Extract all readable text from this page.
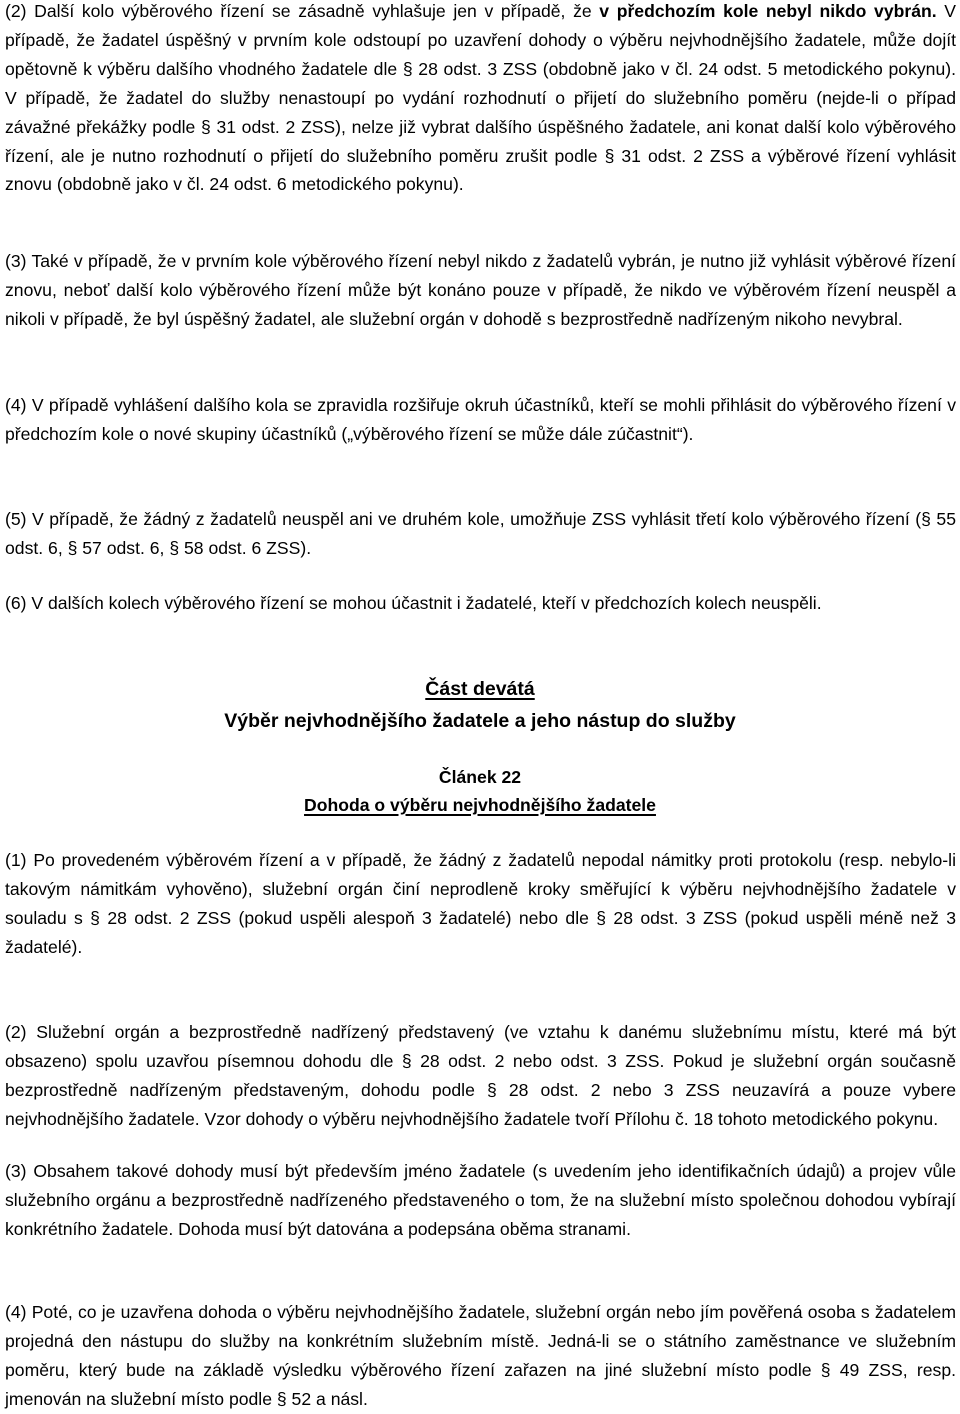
(2) Další kolo výběrového řízení se zásadně vyhlašuje jen v případě, že v předchozím kole nebyl nikdo vybrán. V případě, že žadatel úspěšný v prvním kole odstoupí po uzavření dohody o výběru nejvhodnějšího žadatele, může dojít opětovně k výběru dalšího vhodného žadatele dle § 28 odst. 3 ZSS (obdobně jako v čl. 24 odst. 5 metodického pokynu). V případě, že žadatel do služby nenastoupí po vydání rozhodnutí o přijetí do služebního poměru (nejde-li o případ závažné překážky podle § 31 odst. 2 ZSS), nelze již vybrat dalšího úspěšného žadatele, ani konat další kolo výběrového řízení, ale je nutno rozhodnutí o přijetí do služebního poměru zrušit podle § 31 odst. 2 ZSS a výběrové řízení vyhlásit znovu (obdobně jako v čl. 24 odst. 6 metodického pokynu).

(3) Také v případě, že v prvním kole výběrového řízení nebyl nikdo z žadatelů vybrán, je nutno již vyhlásit výběrové řízení znovu, neboť další kolo výběrového řízení může být konáno pouze v případě, že nikdo ve výběrovém řízení neuspěl a nikoli v případě, že byl úspěšný žadatel, ale služební orgán v dohodě s bezprostředně nadřízeným nikoho nevybral.

(4) V případě vyhlášení dalšího kola se zpravidla rozšiřuje okruh účastníků, kteří se mohli přihlásit do výběrového řízení v předchozím kole o nové skupiny účastníků („výběrového řízení se může dále zúčastnit“).

(5) V případě, že žádný z žadatelů neuspěl ani ve druhém kole, umožňuje ZSS vyhlásit třetí kolo výběrového řízení (§ 55 odst. 6, § 57 odst. 6, § 58 odst. 6 ZSS).

(6) V dalších kolech výběrového řízení se mohou účastnit i žadatelé, kteří v předchozích kolech neuspěli.

Část devátá
Výběr nejvhodnějšího žadatele a jeho nástup do služby
Článek 22
Dohoda o výběru nejvhodnějšího žadatele

(1) Po provedeném výběrovém řízení a v případě, že žádný z žadatelů nepodal námitky proti protokolu (resp. nebylo-li takovým námitkám vyhověno), služební orgán činí neprodleně kroky směřující k výběru nejvhodnějšího žadatele v souladu s § 28 odst. 2 ZSS (pokud uspěli alespoň 3 žadatelé) nebo dle § 28 odst. 3 ZSS (pokud uspěli méně než 3 žadatelé).

(2) Služební orgán a bezprostředně nadřízený představený (ve vztahu k danému služebnímu místu, které má být obsazeno) spolu uzavřou písemnou dohodu dle § 28 odst. 2 nebo odst. 3 ZSS. Pokud je služební orgán současně bezprostředně nadřízeným představeným, dohodu podle § 28 odst. 2 nebo 3 ZSS neuzavírá a pouze vybere nejvhodnějšího žadatele. Vzor dohody o výběru nejvhodnějšího žadatele tvoří Přílohu č. 18 tohoto metodického pokynu.

(3) Obsahem takové dohody musí být především jméno žadatele (s uvedením jeho identifikačních údajů) a projev vůle služebního orgánu a bezprostředně nadřízeného představeného o tom, že na služební místo společnou dohodou vybírají konkrétního žadatele. Dohoda musí být datována a podepsána oběma stranami.

(4) Poté, co je uzavřena dohoda o výběru nejvhodnějšího žadatele, služební orgán nebo jím pověřená osoba s žadatelem projedná den nástupu do služby na konkrétním služebním místě. Jedná-li se o státního zaměstnance ve služebním poměru, který bude na základě výsledku výběrového řízení zařazen na jiné služební místo podle § 49 ZSS, resp. jmenován na služební místo podle § 52 a násl.
